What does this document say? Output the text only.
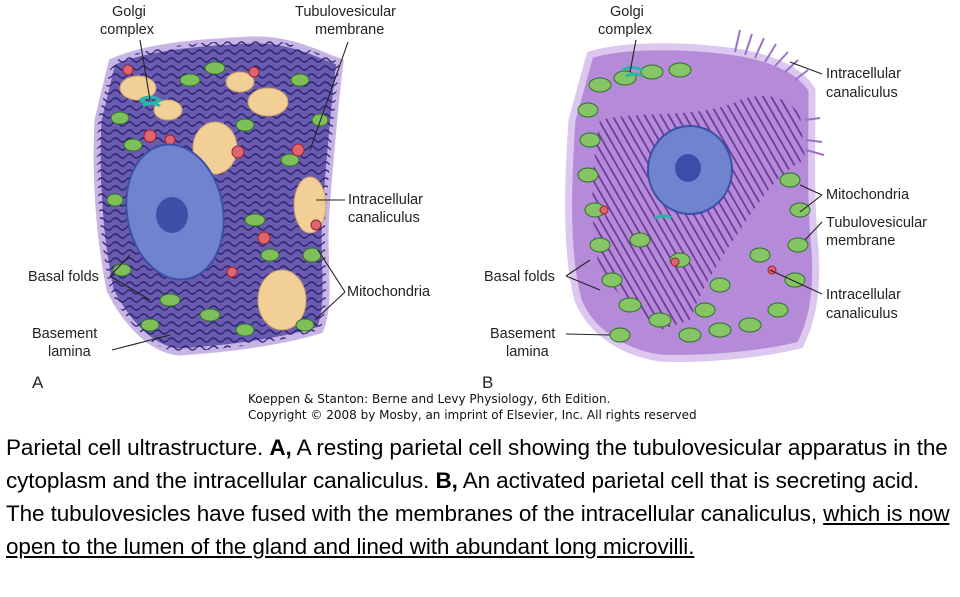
Golgi
complex
Tubulovesicular
membrane
Intracellular
canaliculus
Mitochondria
Basal folds
Basement
lamina
A
Golgi
complex
Intracellular
canaliculus
Mitochondria
Tubulovesicular
membrane
Intracellular
canaliculus
Basal folds
Basement
lamina
B
Koeppen & Stanton: Berne and Levy Physiology, 6th Edition.
Copyright © 2008 by Mosby, an imprint of Elsevier, Inc. All rights reserved
Parietal cell ultrastructure. A, A resting parietal cell showing the tubulovesicular apparatus in the cytoplasm and the intracellular canaliculus. B, An activated parietal cell that is secreting acid. The tubulovesicles have fused with the membranes of the intracellular canaliculus, which is now open to the lumen of the gland and lined with abundant long microvilli.
